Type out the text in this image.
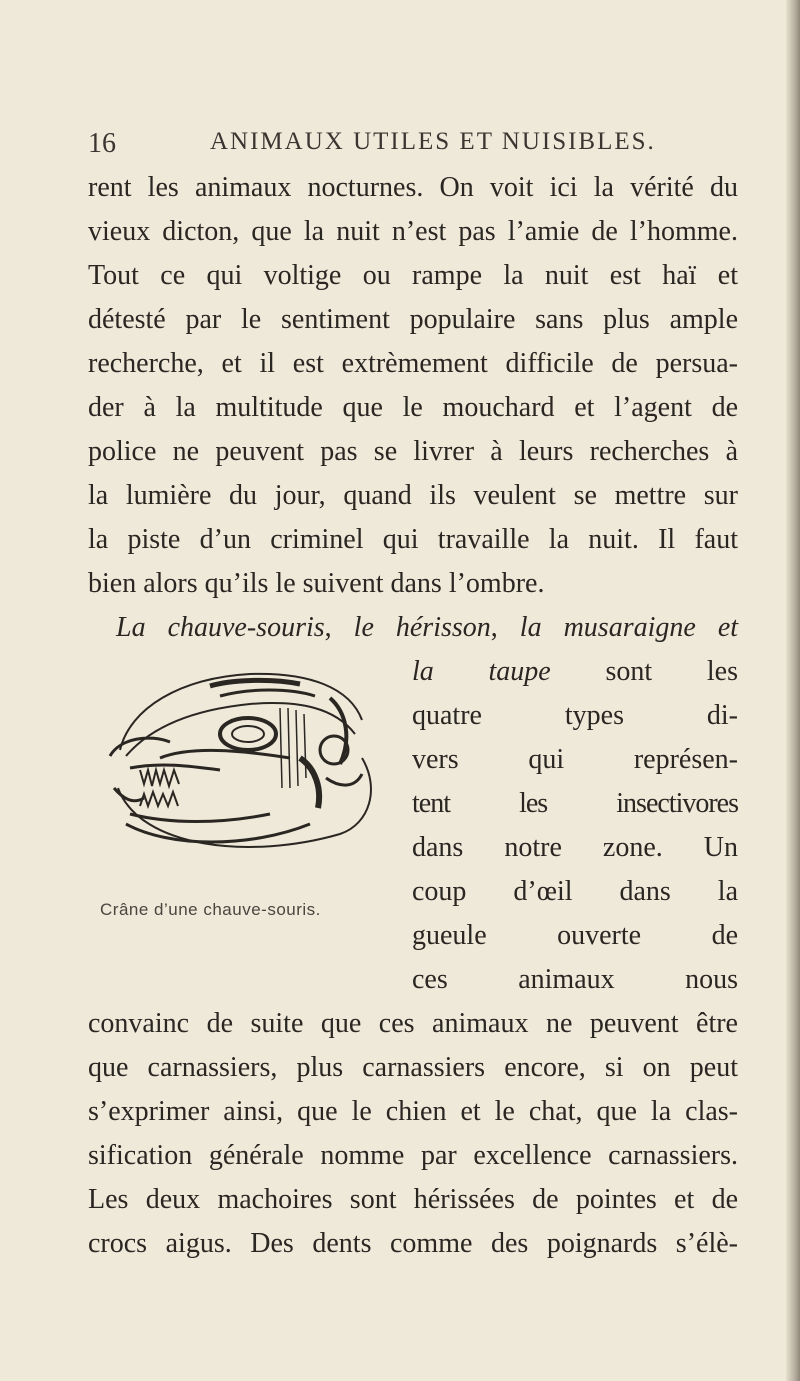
16	ANIMAUX UTILES ET NUISIBLES.
rent les animaux nocturnes. On voit ici la vérité du
vieux dicton, que la nuit n’est pas l’amie de l’homme.
Tout ce qui voltige ou rampe la nuit est haï et
détesté par le sentiment populaire sans plus ample
recherche, et il est extrèmement difficile de persua-
der à la multitude que le mouchard et l’agent de
police ne peuvent pas se livrer à leurs recherches à
la lumière du jour, quand ils veulent se mettre sur
la piste d’un criminel qui travaille la nuit. Il faut
bien alors qu’ils le suivent dans l’ombre.
La chauve-souris, le hérisson, la musaraigne et
la taupe sont les
quatre types di-
vers qui représen-
tent les insectivores
dans notre zone. Un
coup d’œil dans la
gueule ouverte de
ces animaux nous
convainc de suite que ces animaux ne peuvent être
que carnassiers, plus carnassiers encore, si on peut
s’exprimer ainsi, que le chien et le chat, que la clas-
sification générale nomme par excellence carnassiers.
Les deux machoires sont hérissées de pointes et de
crocs aigus. Des dents comme des poignards s’élè-
Crâne d’une chauve-souris.
